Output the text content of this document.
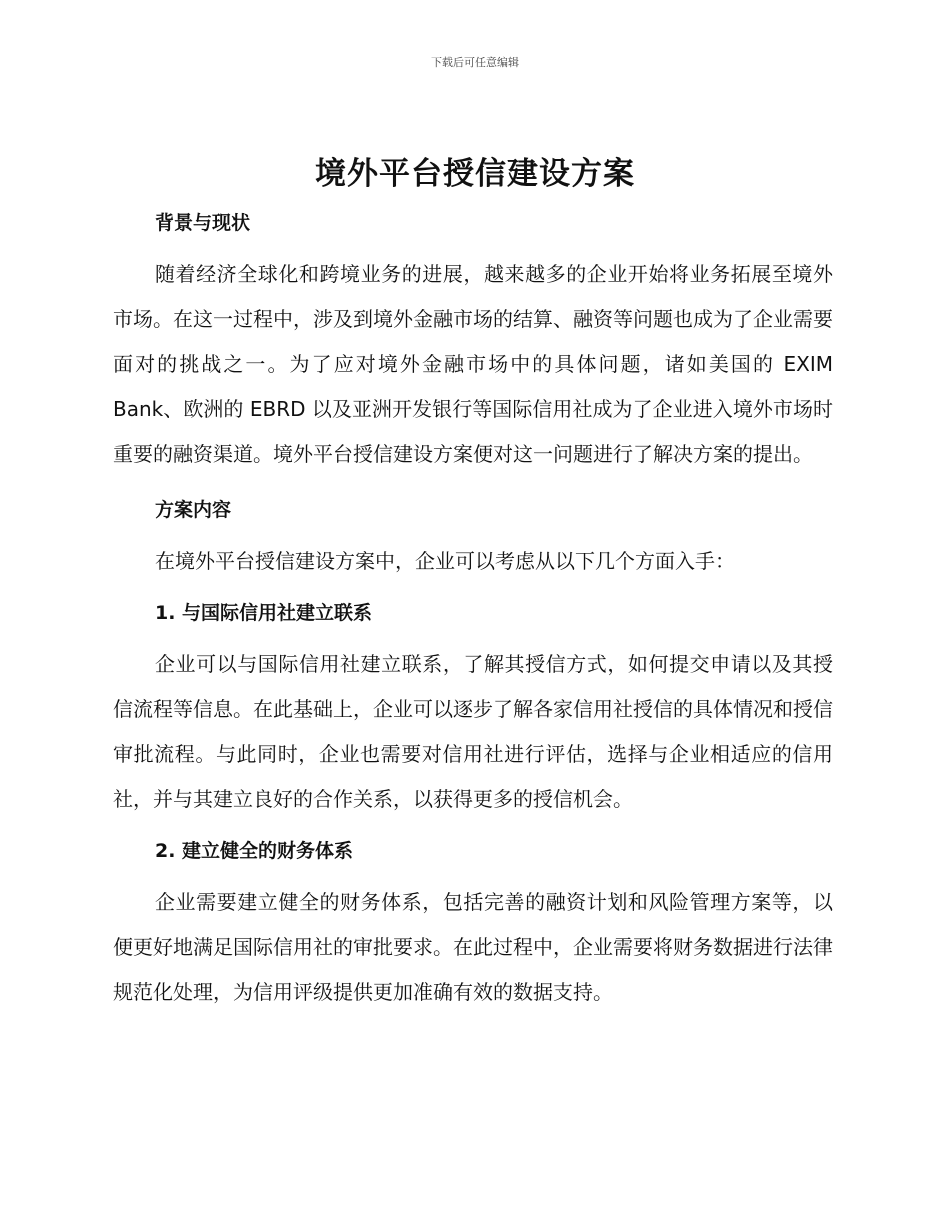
下载后可任意编辑
境外平台授信建设方案
背景与现状

随着经济全球化和跨境业务的进展，越来越多的企业开始将业务拓展至境外市场。在这一过程中，涉及到境外金融市场的结算、融资等问题也成为了企业需要面对的挑战之一。为了应对境外金融市场中的具体问题，诸如美国的 EXIM Bank、欧洲的 EBRD 以及亚洲开发银行等国际信用社成为了企业进入境外市场时重要的融资渠道。境外平台授信建设方案便对这一问题进行了解决方案的提出。

方案内容

在境外平台授信建设方案中，企业可以考虑从以下几个方面入手：

1. 与国际信用社建立联系

企业可以与国际信用社建立联系，了解其授信方式，如何提交申请以及其授信流程等信息。在此基础上，企业可以逐步了解各家信用社授信的具体情况和授信审批流程。与此同时，企业也需要对信用社进行评估，选择与企业相适应的信用社，并与其建立良好的合作关系，以获得更多的授信机会。

2. 建立健全的财务体系

企业需要建立健全的财务体系，包括完善的融资计划和风险管理方案等，以便更好地满足国际信用社的审批要求。在此过程中，企业需要将财务数据进行法律规范化处理，为信用评级提供更加准确有效的数据支持。
